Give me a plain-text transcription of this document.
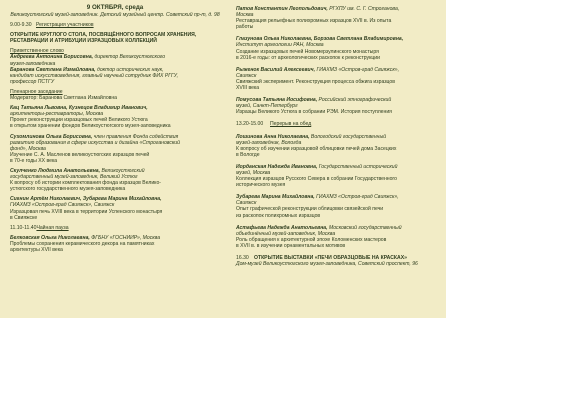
9 ОКТЯБРЯ, среда
Великоустюгский музей-заповедник. Детский музейный центр. Советский пр-т, д. 98
9.00-9.30 Регистрация участников
ОТКРЫТИЕ КРУГЛОГО СТОЛА, ПОСВЯЩЁННОГО ВОПРОСАМ ХРАНЕНИЯ,
РЕСТАВРАЦИИ И АТРИБУЦИИ ИЗРАЗЦОВЫХ КОЛЛЕКЦИЙ
Приветственное слово
Андреева Антонина Борисовна, директор Великоустюгского
музея-заповедника
Баранова Светлана Измайловна, доктор исторических наук,
кандидат искусствоведения, главный научный сотрудник ФИХ РГГУ,
профессор ПСТГУ
Пленарное заседание
Модератор: Баранова Светлана Измайловна
Кац Татьяна Львовна, Кузнецов Владимир Иванович,
архитекторы-реставраторы, Москва
Проект реконструкции изразцовых печей Великого Устюга
в открытом хранении фондов Великоустюгского музея-заповедника
Сухомлинова Ольга Борисовна, член правления Фонда содействия
развитию образования в сфере искусства и дизайна «Строгановский
фонд», Москва
Изучение С. А. Масленов великоустюгских изразцов печей
в 70-е годы XX века
Скулченко Людмила Анатольевна, Великоустюгский
государственный музей-заповедник, Великий Устюг
К вопросу об истории комплектования фонда изразцов Велико-
устюгского государственного музея-заповедника
Сигнин Артём Николаевич, Зубарева Марина Михайловна,
ГИАХМЗ «Остров-град Свияжск», Свияжск
Изразцовая печь XVIII века в территории Успенского монастыря
в Свияжске
11.10-11.40Чайная пауза
Белковская Ольга Николаевна, ФГБНУ «ГОСНИИР», Москва
Проблемы сохранения керамического декора на памятниках
архитектуры XVII века
Патов Константин Леопольдович, РГХПУ им. С. Г. Строганова,
Москва
Реставрация рельефных полихромных изразцов XVII в. Из опыта
работы
Глазунова Ольга Николаевна, Борзова Светлана Владимировна,
Институт археологии РАН, Москва
Создание изразцовых печей Новомерзулинского монастыря
в 2016-е годы: от археологических раскопок к реконструкции
Рыженок Василий Алексеевич, ГИАХМЗ «Остров-град Свияжск»,
Свияжск
Свияжский эксперимент. Реконструкция процесса обжига изразцов
XVIII века
Помусова Татьяна Иосифовна, Российский этнографический
музей, Санкт-Петербург
Изразцы Великого Устюга в собрании РЭМ. История поступления
13.20-15.00 Перерыв на обед
Лошинова Анна Николаевна, Вологодский государственный
музей-заповедник, Вологда
К вопросу об изучении изразцовой облицовки печей дома Засецких
в Вологде
Иорданская Надежда Ивановна, Государственный исторический
музей, Москва
Коллекция изразцов Русского Севера в собрании Государственного
исторического музея
Зубарева Марина Михайловна, ГИАХМЗ «Остров-град Свияжск»,
Свияжск
Опыт графической реконструкции облицовки связейской печи
из раскопок полихромных изразцов
Астафьева Надежда Анатольевна, Московский государственный
объединённый музей-заповедник, Москва
Роль обращения к архитектурной эпохе Коломенских мастеров
в XVII в. в изучении орнаментальных мотивов
16.30 ОТКРЫТИЕ ВЫСТАВКИ «ПЕЧИ ОБРАЗЦОВЫЕ НА КРАСКАХ»
Дом-музей Великоустюгского музея-заповедника, Советский проспект, 96
